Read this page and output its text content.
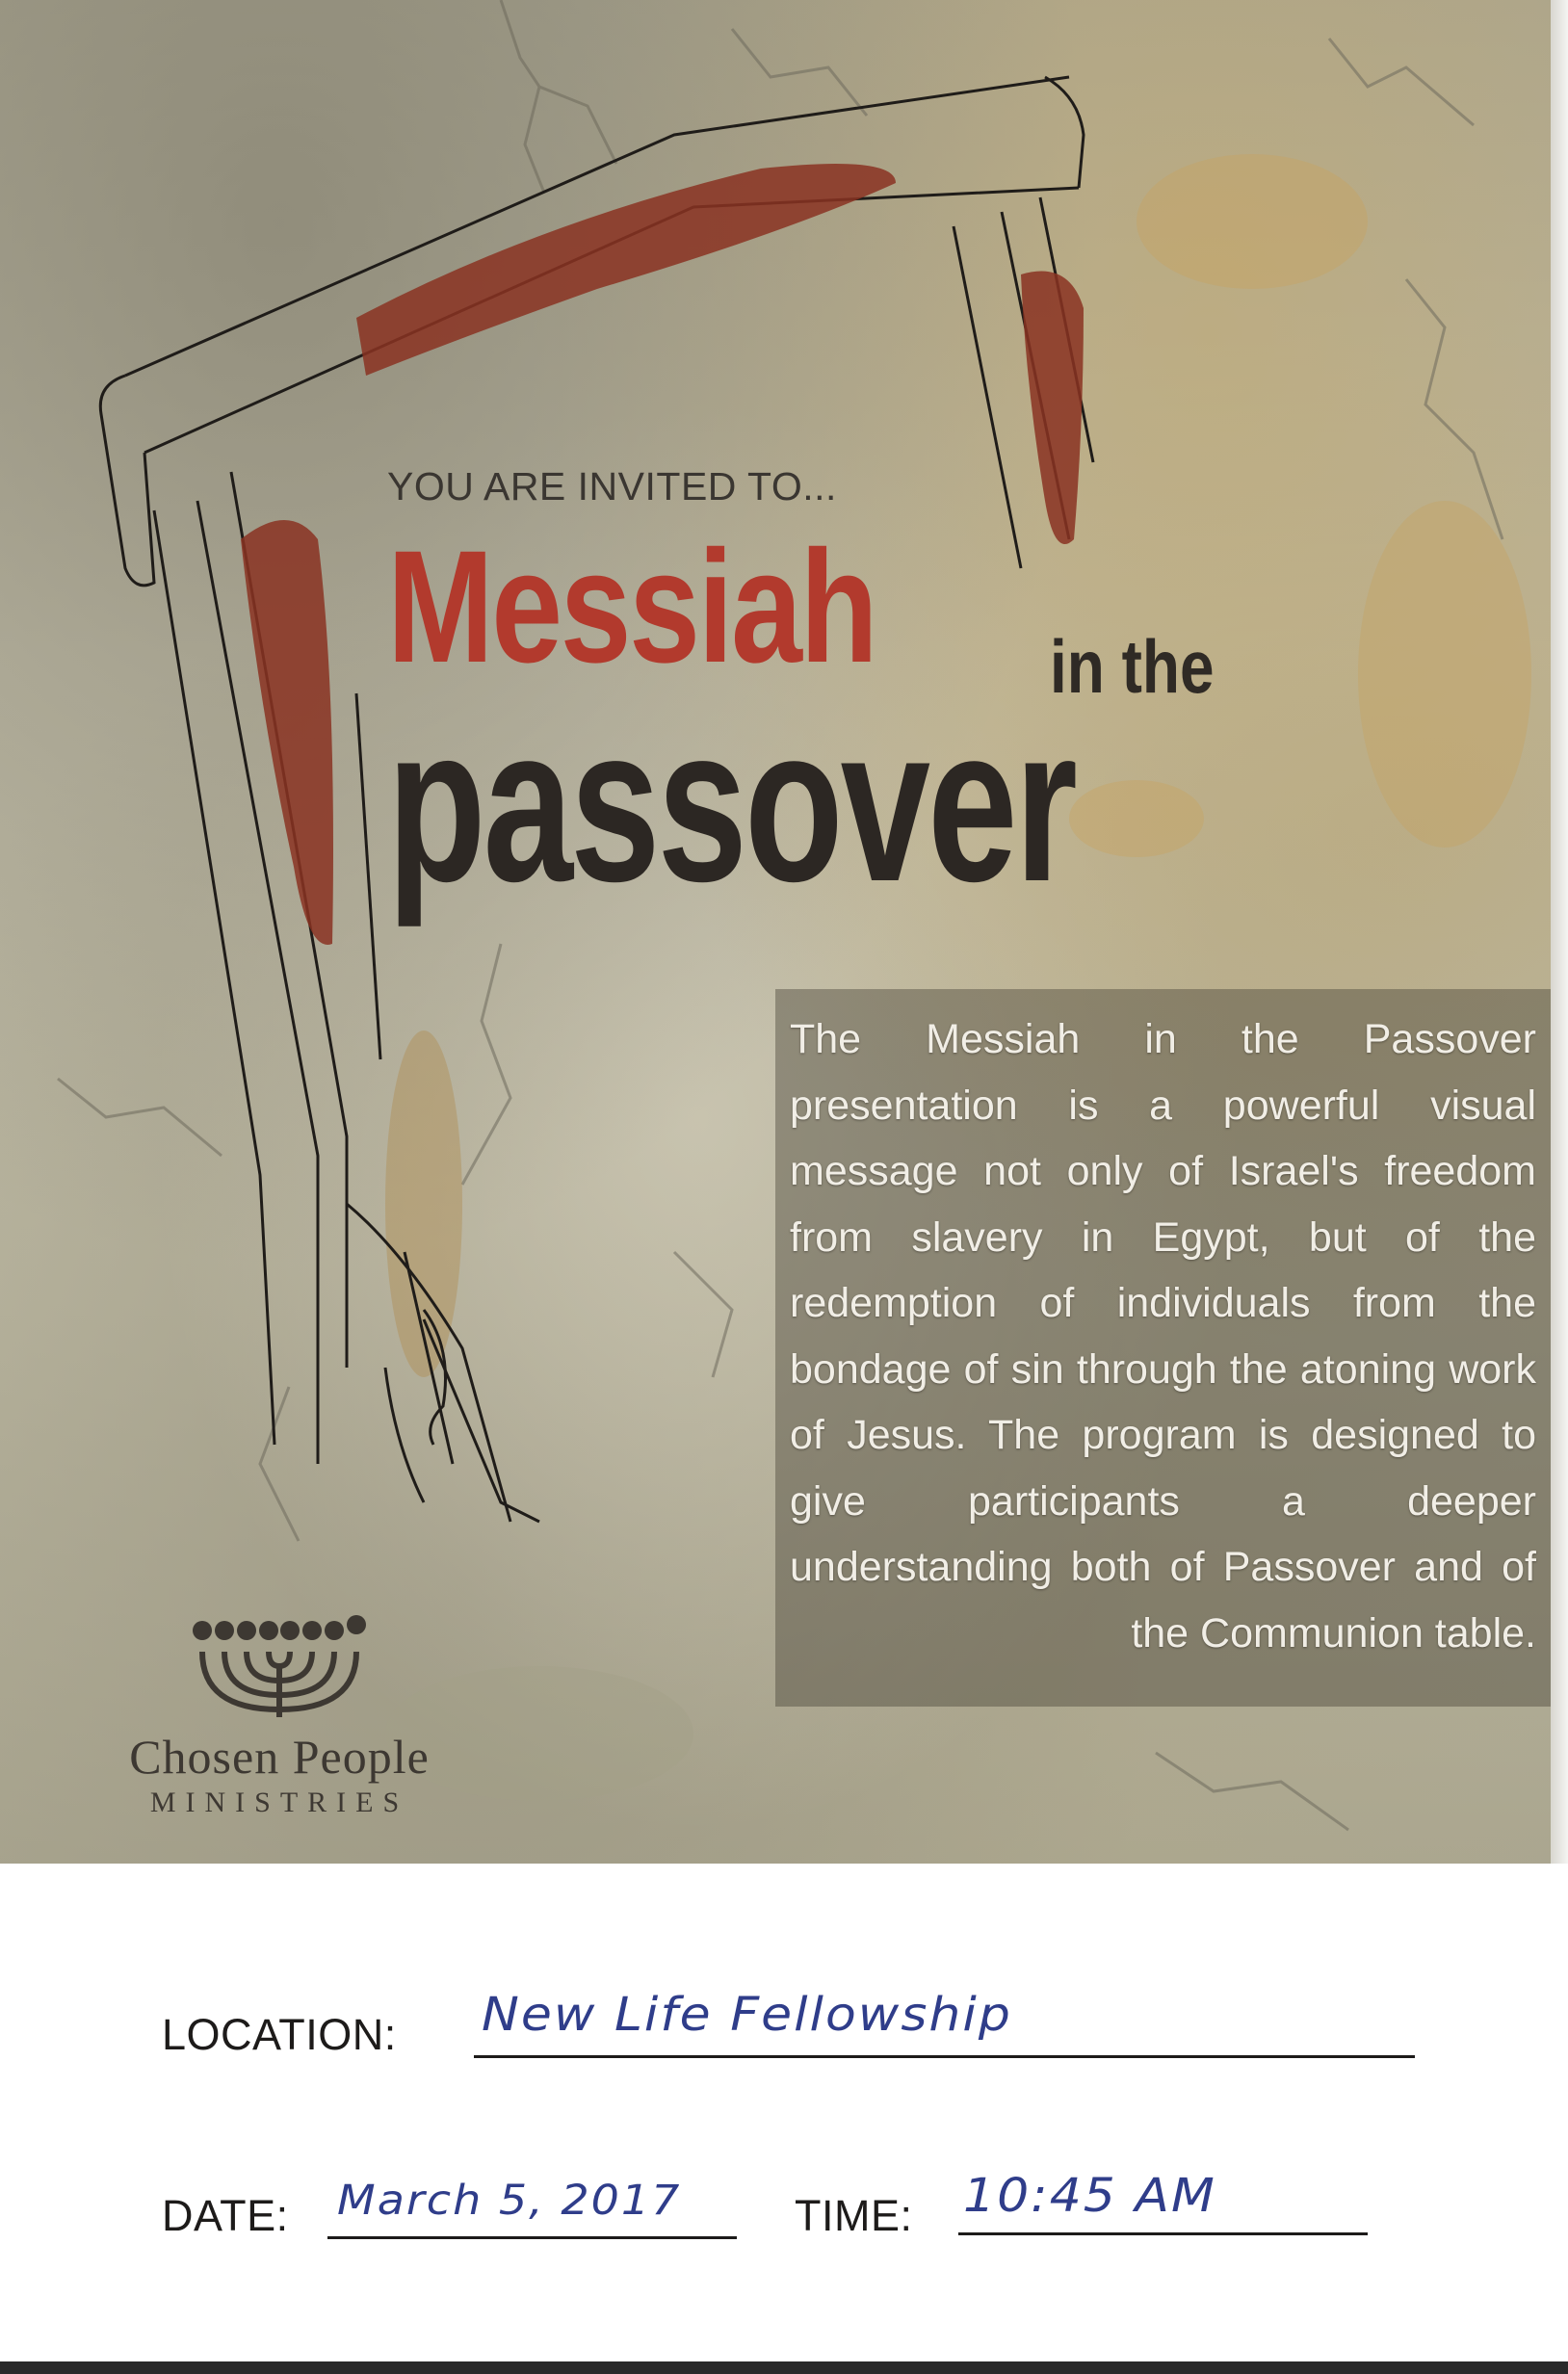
YOU ARE INVITED TO...
Messiah in the
passover
The Messiah in the Passover presentation is a powerful visual message not only of Israel's freedom from slavery in Egypt, but of the redemption of individuals from the bondage of sin through the atoning work of Jesus. The program is designed to give participants a deeper understanding both of Passover and of the Communion table.
Chosen People
MINISTRIES
LOCATION: New Life Fellowship
DATE: March 5, 2017	TIME: 10:45 AM
